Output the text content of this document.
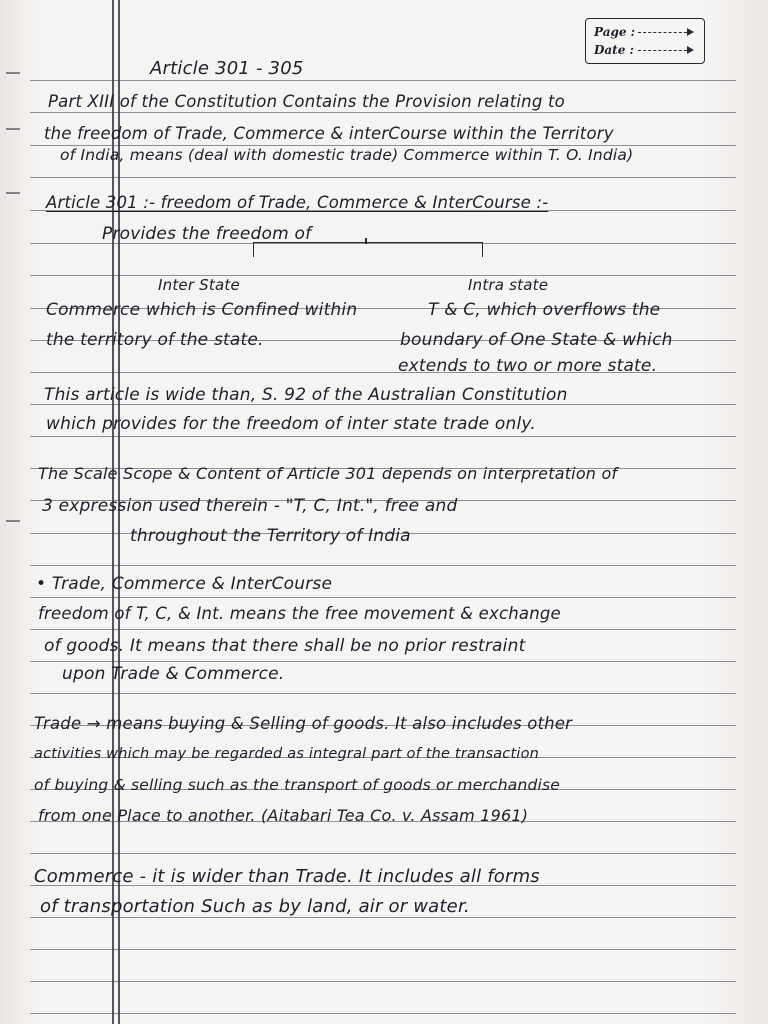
Page :
Date :

Article 301 - 305

Part XIII of the Constitution Contains the Provision relating to

the freedom of Trade, Commerce & interCourse within the Territory

of India, means (deal with domestic trade) Commerce within T. O. India)

Article 301 :- freedom of Trade, Commerce & InterCourse :-

Provides the freedom of

Inter State	Intra state

Commerce which is Confined within	T & C, which overflows the

the territory of the state.	boundary of One State & which

extends to two or more state.

This article is wide than, S. 92 of the Australian Constitution

which provides for the freedom of inter state trade only.

The Scale Scope & Content of Article 301 depends on interpretation of

3 expression used therein - "T, C, Int.", free and

throughout the Territory of India

• Trade, Commerce & InterCourse

freedom of T, C, & Int. means the free movement & exchange

of goods. It means that there shall be no prior restraint

upon Trade & Commerce.

Trade → means buying & Selling of goods. It also includes other

activities which may be regarded as integral part of the transaction

of buying & selling such as the transport of goods or merchandise

from one Place to another. (Aitabari Tea Co. v. Assam 1961)

Commerce - it is wider than Trade. It includes all forms

of transportation Such as by land, air or water.
